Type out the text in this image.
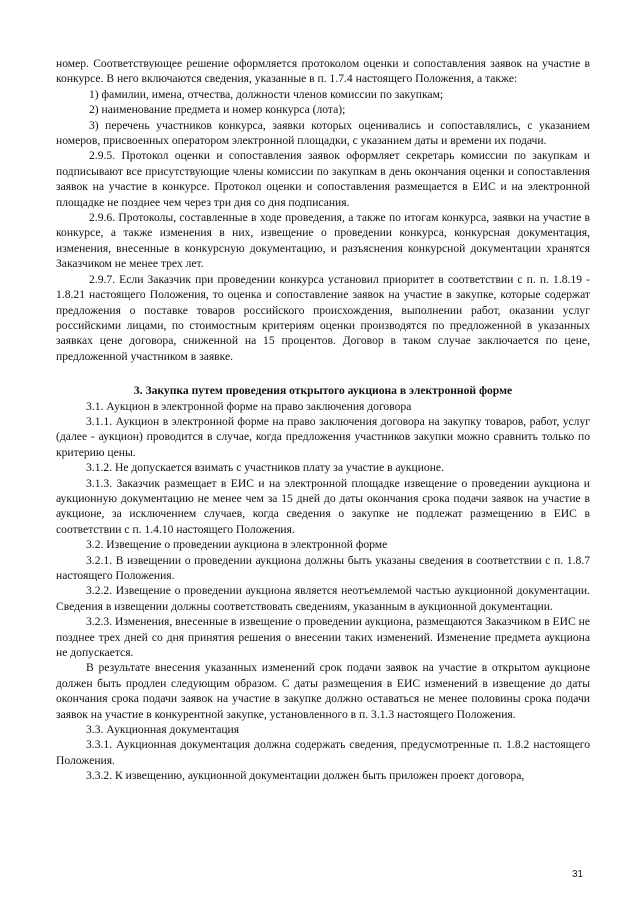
номер. Соответствующее решение оформляется протоколом оценки и сопоставления заявок на участие в конкурсе. В него включаются сведения, указанные в п. 1.7.4 настоящего Положения, а также:

1) фамилии, имена, отчества, должности членов комиссии по закупкам;

2) наименование предмета и номер конкурса (лота);

3) перечень участников конкурса, заявки которых оценивались и сопоставлялись, с указанием номеров, присвоенных оператором электронной площадки, с указанием даты и времени их подачи.

2.9.5. Протокол оценки и сопоставления заявок оформляет секретарь комиссии по закупкам и подписывают все присутствующие члены комиссии по закупкам в день окончания оценки и сопоставления заявок на участие в конкурсе. Протокол оценки и сопоставления размещается в ЕИС и на электронной площадке не позднее чем через три дня со дня подписания.

2.9.6. Протоколы, составленные в ходе проведения, а также по итогам конкурса, заявки на участие в конкурсе, а также изменения в них, извещение о проведении конкурса, конкурсная документация, изменения, внесенные в конкурсную документацию, и разъяснения конкурсной документации хранятся Заказчиком не менее трех лет.

2.9.7. Если Заказчик при проведении конкурса установил приоритет в соответствии с п. п. 1.8.19 - 1.8.21 настоящего Положения, то оценка и сопоставление заявок на участие в закупке, которые содержат предложения о поставке товаров российского происхождения, выполнении работ, оказании услуг российскими лицами, по стоимостным критериям оценки производятся по предложенной в указанных заявках цене договора, сниженной на 15 процентов. Договор в таком случае заключается по цене, предложенной участником в заявке.

3. Закупка путем проведения открытого аукциона в электронной форме

3.1. Аукцион в электронной форме на право заключения договора

3.1.1. Аукцион в электронной форме на право заключения договора на закупку товаров, работ, услуг (далее - аукцион) проводится в случае, когда предложения участников закупки можно сравнить только по критерию цены.

3.1.2. Не допускается взимать с участников плату за участие в аукционе.

3.1.3. Заказчик размещает в ЕИС и на электронной площадке извещение о проведении аукциона и аукционную документацию не менее чем за 15 дней до даты окончания срока подачи заявок на участие в аукционе, за исключением случаев, когда сведения о закупке не подлежат размещению в ЕИС в соответствии с п. 1.4.10 настоящего Положения.

3.2. Извещение о проведении аукциона в электронной форме

3.2.1. В извещении о проведении аукциона должны быть указаны сведения в соответствии с п. 1.8.7 настоящего Положения.

3.2.2. Извещение о проведении аукциона является неотъемлемой частью аукционной документации. Сведения в извещении должны соответствовать сведениям, указанным в аукционной документации.

3.2.3. Изменения, внесенные в извещение о проведении аукциона, размещаются Заказчиком в ЕИС не позднее трех дней со дня принятия решения о внесении таких изменений. Изменение предмета аукциона не допускается.

В результате внесения указанных изменений срок подачи заявок на участие в открытом аукционе должен быть продлен следующим образом. С даты размещения в ЕИС изменений в извещение до даты окончания срока подачи заявок на участие в закупке должно оставаться не менее половины срока подачи заявок на участие в конкурентной закупке, установленного в п. 3.1.3 настоящего Положения.

3.3. Аукционная документация

3.3.1. Аукционная документация должна содержать сведения, предусмотренные п. 1.8.2 настоящего Положения.

3.3.2. К извещению, аукционной документации должен быть приложен проект договора,

31
